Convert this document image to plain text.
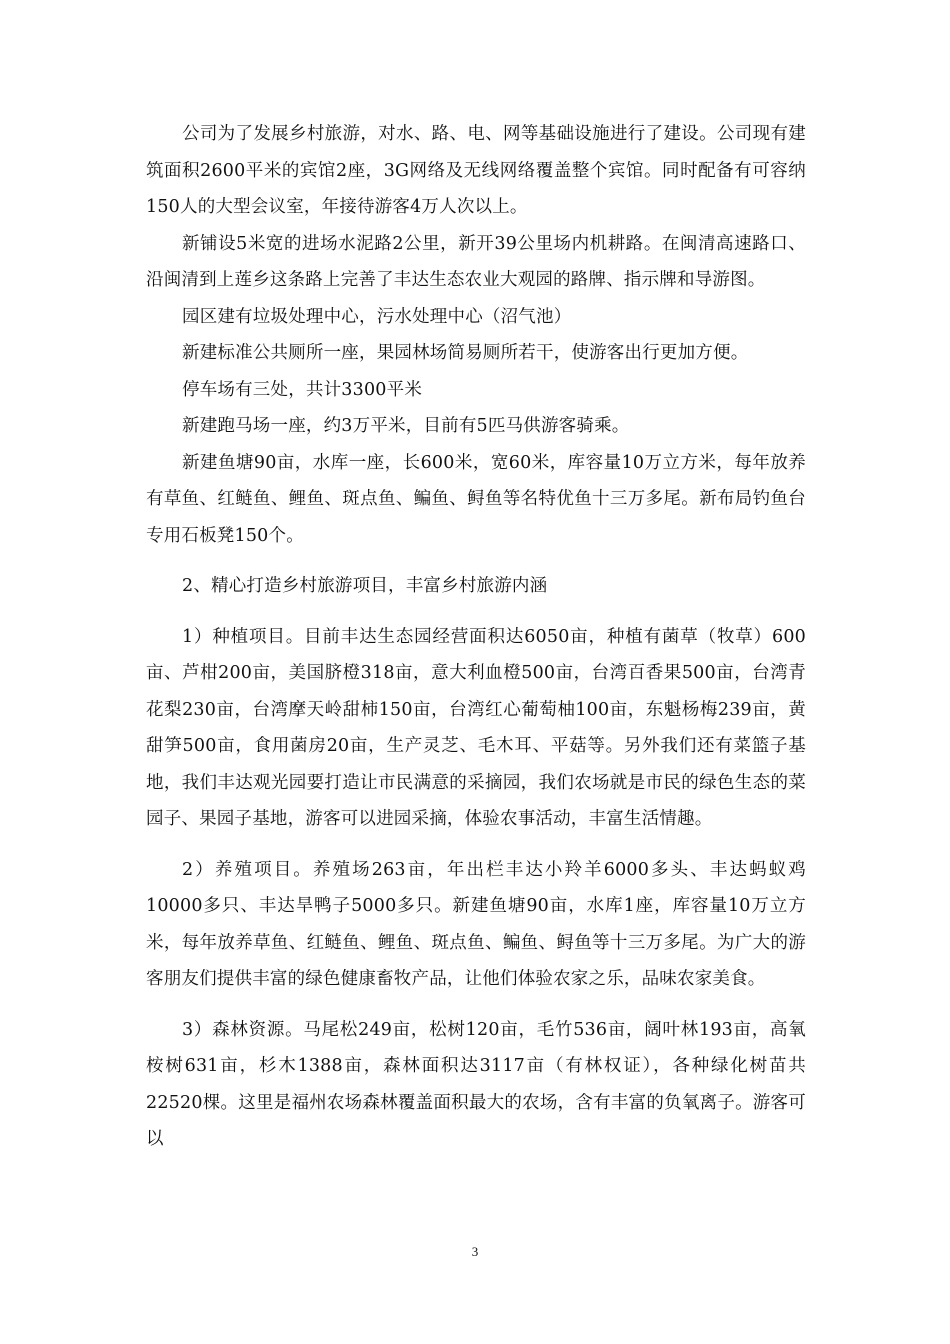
公司为了发展乡村旅游，对水、路、电、网等基础设施进行了建设。公司现有建筑面积2600平米的宾馆2座，3G网络及无线网络覆盖整个宾馆。同时配备有可容纳150人的大型会议室，年接待游客4万人次以上。

新铺设5米宽的进场水泥路2公里，新开39公里场内机耕路。在闽清高速路口、沿闽清到上莲乡这条路上完善了丰达生态农业大观园的路牌、指示牌和导游图。

园区建有垃圾处理中心，污水处理中心（沼气池）

新建标准公共厕所一座，果园林场简易厕所若干，使游客出行更加方便。

停车场有三处，共计3300平米

新建跑马场一座，约3万平米，目前有5匹马供游客骑乘。

新建鱼塘90亩，水库一座，长600米，宽60米，库容量10万立方米，每年放养有草鱼、红鲢鱼、鲤鱼、斑点鱼、鳊鱼、鲟鱼等名特优鱼十三万多尾。新布局钓鱼台专用石板凳150个。

2、精心打造乡村旅游项目，丰富乡村旅游内涵

1）种植项目。目前丰达生态园经营面积达6050亩，种植有菌草（牧草）600亩、芦柑200亩，美国脐橙318亩，意大利血橙500亩，台湾百香果500亩，台湾青花梨230亩，台湾摩天岭甜柿150亩，台湾红心葡萄柚100亩，东魁杨梅239亩，黄甜笋500亩，食用菌房20亩，生产灵芝、毛木耳、平菇等。另外我们还有菜篮子基地，我们丰达观光园要打造让市民满意的采摘园，我们农场就是市民的绿色生态的菜园子、果园子基地，游客可以进园采摘，体验农事活动，丰富生活情趣。

2）养殖项目。养殖场263亩，年出栏丰达小羚羊6000多头、丰达蚂蚁鸡10000多只、丰达旱鸭子5000多只。新建鱼塘90亩，水库1座，库容量10万立方米，每年放养草鱼、红鲢鱼、鲤鱼、斑点鱼、鳊鱼、鲟鱼等十三万多尾。为广大的游客朋友们提供丰富的绿色健康畜牧产品，让他们体验农家之乐，品味农家美食。

3）森林资源。马尾松249亩，松树120亩，毛竹536亩，阔叶林193亩，高氧桉树631亩，杉木1388亩，森林面积达3117亩（有林权证），各种绿化树苗共22520棵。这里是福州农场森林覆盖面积最大的农场，含有丰富的负氧离子。游客可以

3
